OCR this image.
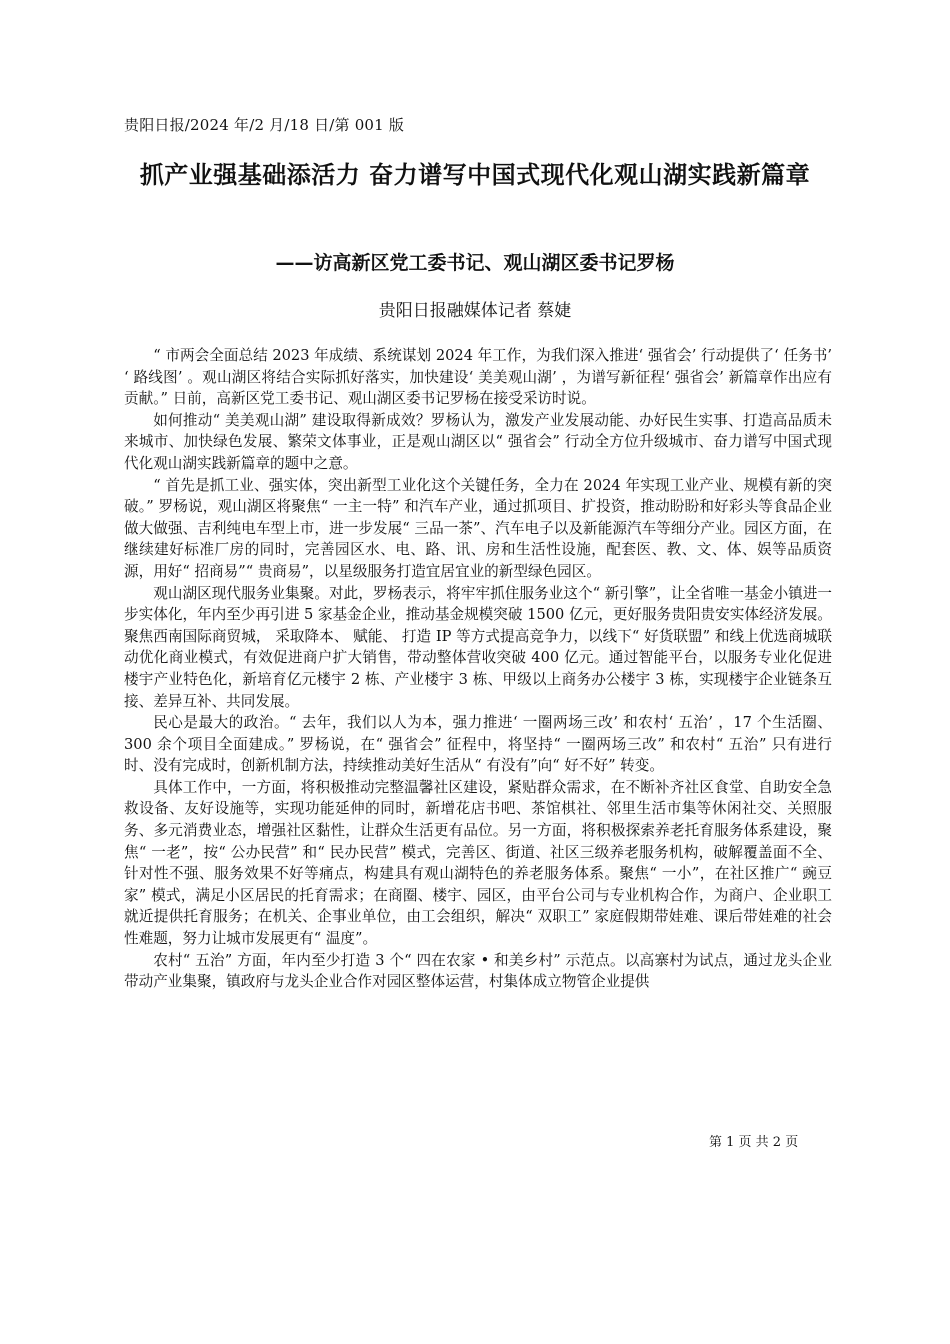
贵阳日报/2024 年/2 月/18 日/第 001 版
抓产业强基础添活力 奋力谱写中国式现代化观山湖实践新篇章
——访高新区党工委书记、观山湖区委书记罗杨
贵阳日报融媒体记者 蔡婕

“ 市两会全面总结 2023 年成绩、系统谋划 2024 年工作，为我们深入推进‘ 强省会’ 行动提供了‘ 任务书’ ‘ 路线图’ 。观山湖区将结合实际抓好落实，加快建设‘ 美美观山湖’ ，为谱写新征程‘ 强省会’ 新篇章作出应有贡献。” 日前，高新区党工委书记、观山湖区委书记罗杨在接受采访时说。

如何推动“ 美美观山湖” 建设取得新成效？罗杨认为，激发产业发展动能、办好民生实事、打造高品质未来城市、加快绿色发展、繁荣文体事业，正是观山湖区以“ 强省会” 行动全方位升级城市、奋力谱写中国式现代化观山湖实践新篇章的题中之意。

“ 首先是抓工业、强实体，突出新型工业化这个关键任务，全力在 2024 年实现工业产业、规模有新的突破。” 罗杨说，观山湖区将聚焦“ 一主一特” 和汽车产业，通过抓项目、扩投资，推动盼盼和好彩头等食品企业做大做强、吉利纯电车型上市，进一步发展“ 三品一茶”、汽车电子以及新能源汽车等细分产业。园区方面，在继续建好标准厂房的同时，完善园区水、电、路、讯、房和生活性设施，配套医、教、文、体、娱等品质资源，用好“ 招商易”“ 贵商易”，以星级服务打造宜居宜业的新型绿色园区。

观山湖区现代服务业集聚。对此，罗杨表示，将牢牢抓住服务业这个“ 新引擎”，让全省唯一基金小镇进一步实体化，年内至少再引进 5 家基金企业，推动基金规模突破 1500 亿元，更好服务贵阳贵安实体经济发展。 聚焦西南国际商贸城， 采取降本、 赋能、 打造 IP 等方式提高竞争力，以线下“ 好货联盟” 和线上优选商城联动优化商业模式，有效促进商户扩大销售，带动整体营收突破 400 亿元。通过智能平台，以服务专业化促进楼宇产业特色化，新培育亿元楼宇 2 栋、产业楼宇 3 栋、甲级以上商务办公楼宇 3 栋，实现楼宇企业链条互接、差异互补、共同发展。

民心是最大的政治。“ 去年，我们以人为本，强力推进‘ 一圈两场三改’ 和农村‘ 五治’ ，17 个生活圈、300 余个项目全面建成。” 罗杨说，在“ 强省会” 征程中，将坚持“ 一圈两场三改” 和农村“ 五治” 只有进行时、没有完成时，创新机制方法，持续推动美好生活从“ 有没有”向“ 好不好” 转变。

具体工作中，一方面，将积极推动完整温馨社区建设，紧贴群众需求，在不断补齐社区食堂、自助安全急救设备、友好设施等，实现功能延伸的同时，新增花店书吧、茶馆棋社、邻里生活市集等休闲社交、关照服务、多元消费业态，增强社区黏性，让群众生活更有品位。另一方面，将积极探索养老托育服务体系建设，聚焦“ 一老”，按“ 公办民营” 和“ 民办民营” 模式，完善区、街道、社区三级养老服务机构，破解覆盖面不全、针对性不强、服务效果不好等痛点，构建具有观山湖特色的养老服务体系。聚焦“ 一小”，在社区推广“ 豌豆家” 模式，满足小区居民的托育需求；在商圈、楼宇、园区，由平台公司与专业机构合作，为商户、企业职工就近提供托育服务；在机关、企事业单位，由工会组织，解决“ 双职工” 家庭假期带娃难、课后带娃难的社会性难题，努力让城市发展更有“ 温度”。

农村“ 五治” 方面，年内至少打造 3 个“ 四在农家 • 和美乡村” 示范点。以高寨村为试点，通过龙头企业带动产业集聚，镇政府与龙头企业合作对园区整体运营，村集体成立物管企业提供

第 1 页 共 2 页
